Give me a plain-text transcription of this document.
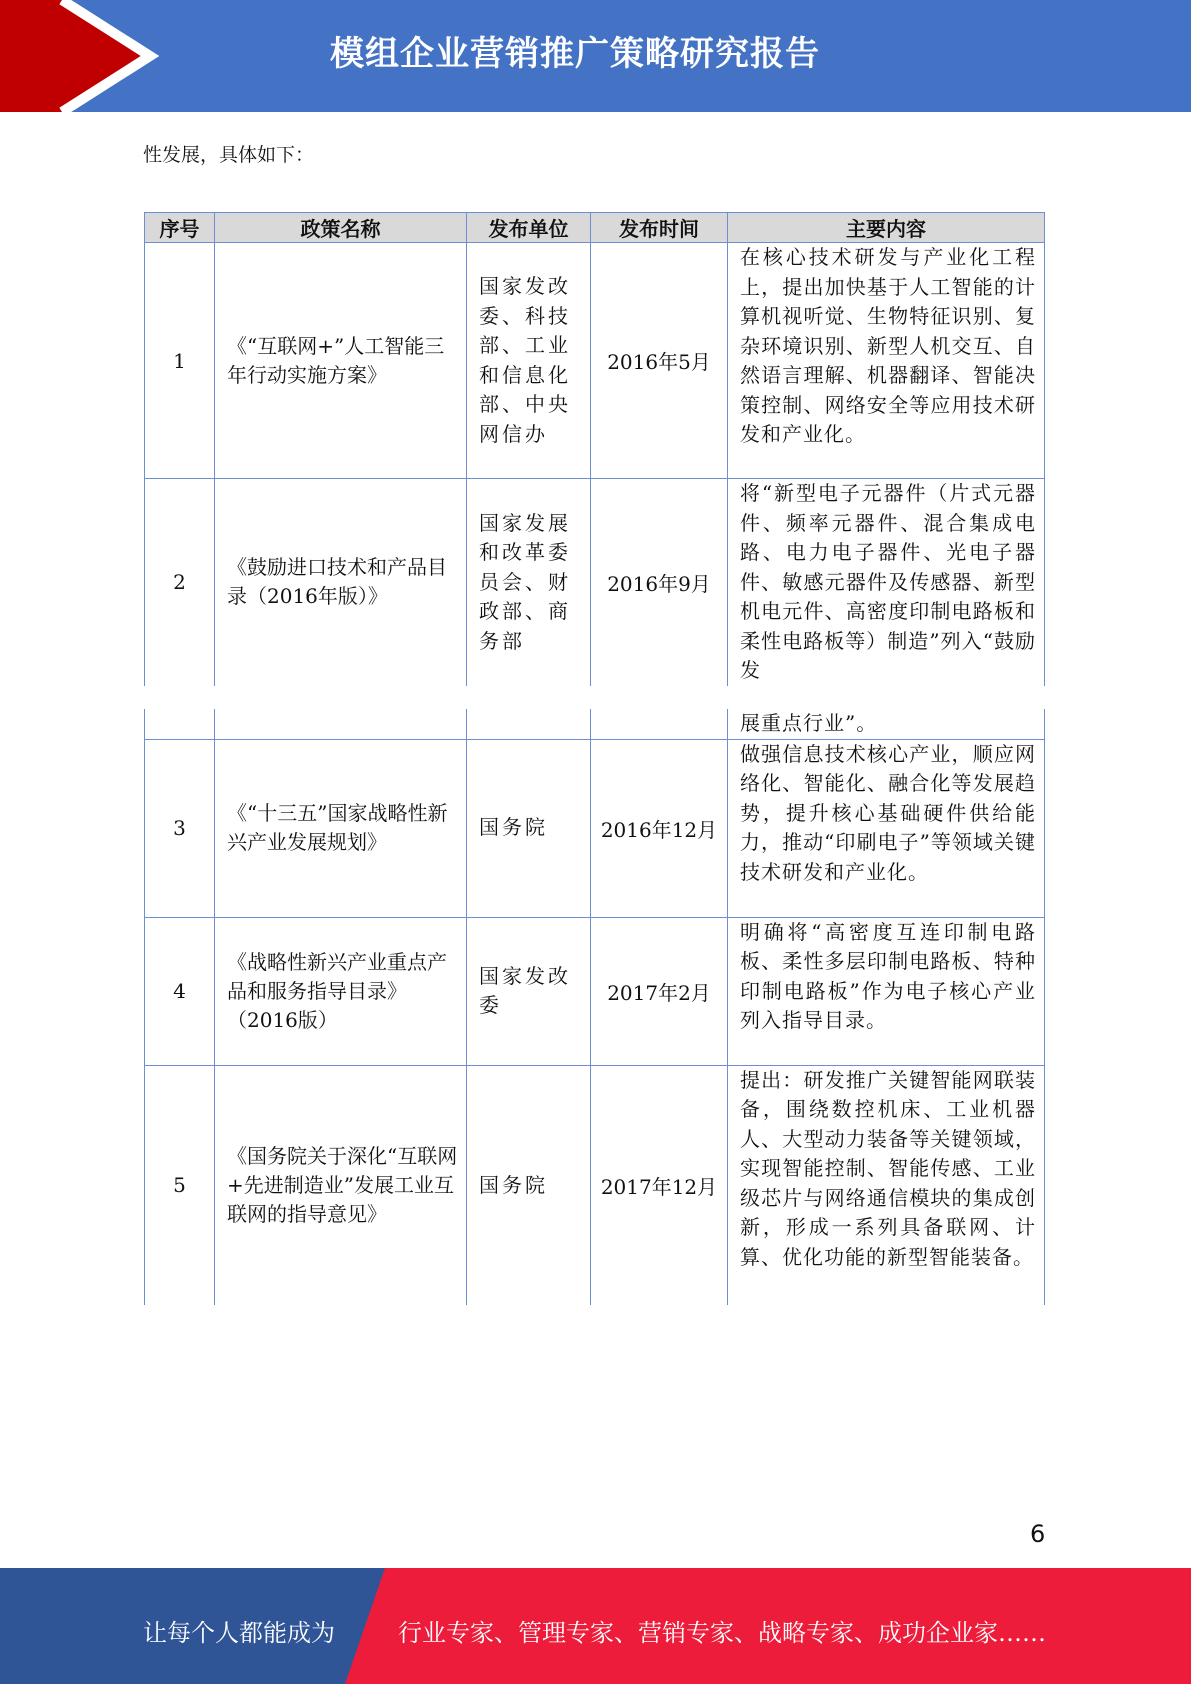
模组企业营销推广策略研究报告
性发展，具体如下：
序号	政策名称	发布单位	发布时间	主要内容
1	《“互联网+”人工智能三年行动实施方案》	国家发改委、科技部、工业和信息化部、中央网信办	2016年5月	在核心技术研发与产业化工程上，提出加快基于人工智能的计算机视听觉、生物特征识别、复杂环境识别、新型人机交互、自然语言理解、机器翻译、智能决策控制、网络安全等应用技术研发和产业化。
2	《鼓励进口技术和产品目录（2016年版）》	国家发展和改革委员会、财政部、商务部	2016年9月	将“新型电子元器件（片式元器件、频率元器件、混合集成电路、电力电子器件、光电子器件、敏感元器件及传感器、新型机电元件、高密度印制电路板和柔性电路板等）制造”列入“鼓励发
				展重点行业”。
3	《“十三五”国家战略性新兴产业发展规划》	国务院	2016年12月	做强信息技术核心产业，顺应网络化、智能化、融合化等发展趋势，提升核心基础硬件供给能力，推动“印刷电子”等领域关键技术研发和产业化。
4	《战略性新兴产业重点产品和服务指导目录》（2016版）	国家发改委	2017年2月	明确将“高密度互连印制电路板、柔性多层印制电路板、特种印制电路板”作为电子核心产业列入指导目录。
5	《国务院关于深化“互联网+先进制造业”发展工业互联网的指导意见》	国务院	2017年12月	提出：研发推广关键智能网联装备，围绕数控机床、工业机器人、大型动力装备等关键领域，实现智能控制、智能传感、工业级芯片与网络通信模块的集成创新，形成一系列具备联网、计算、优化功能的新型智能装备。
6
让每个人都能成为	行业专家、管理专家、营销专家、战略专家、成功企业家……
